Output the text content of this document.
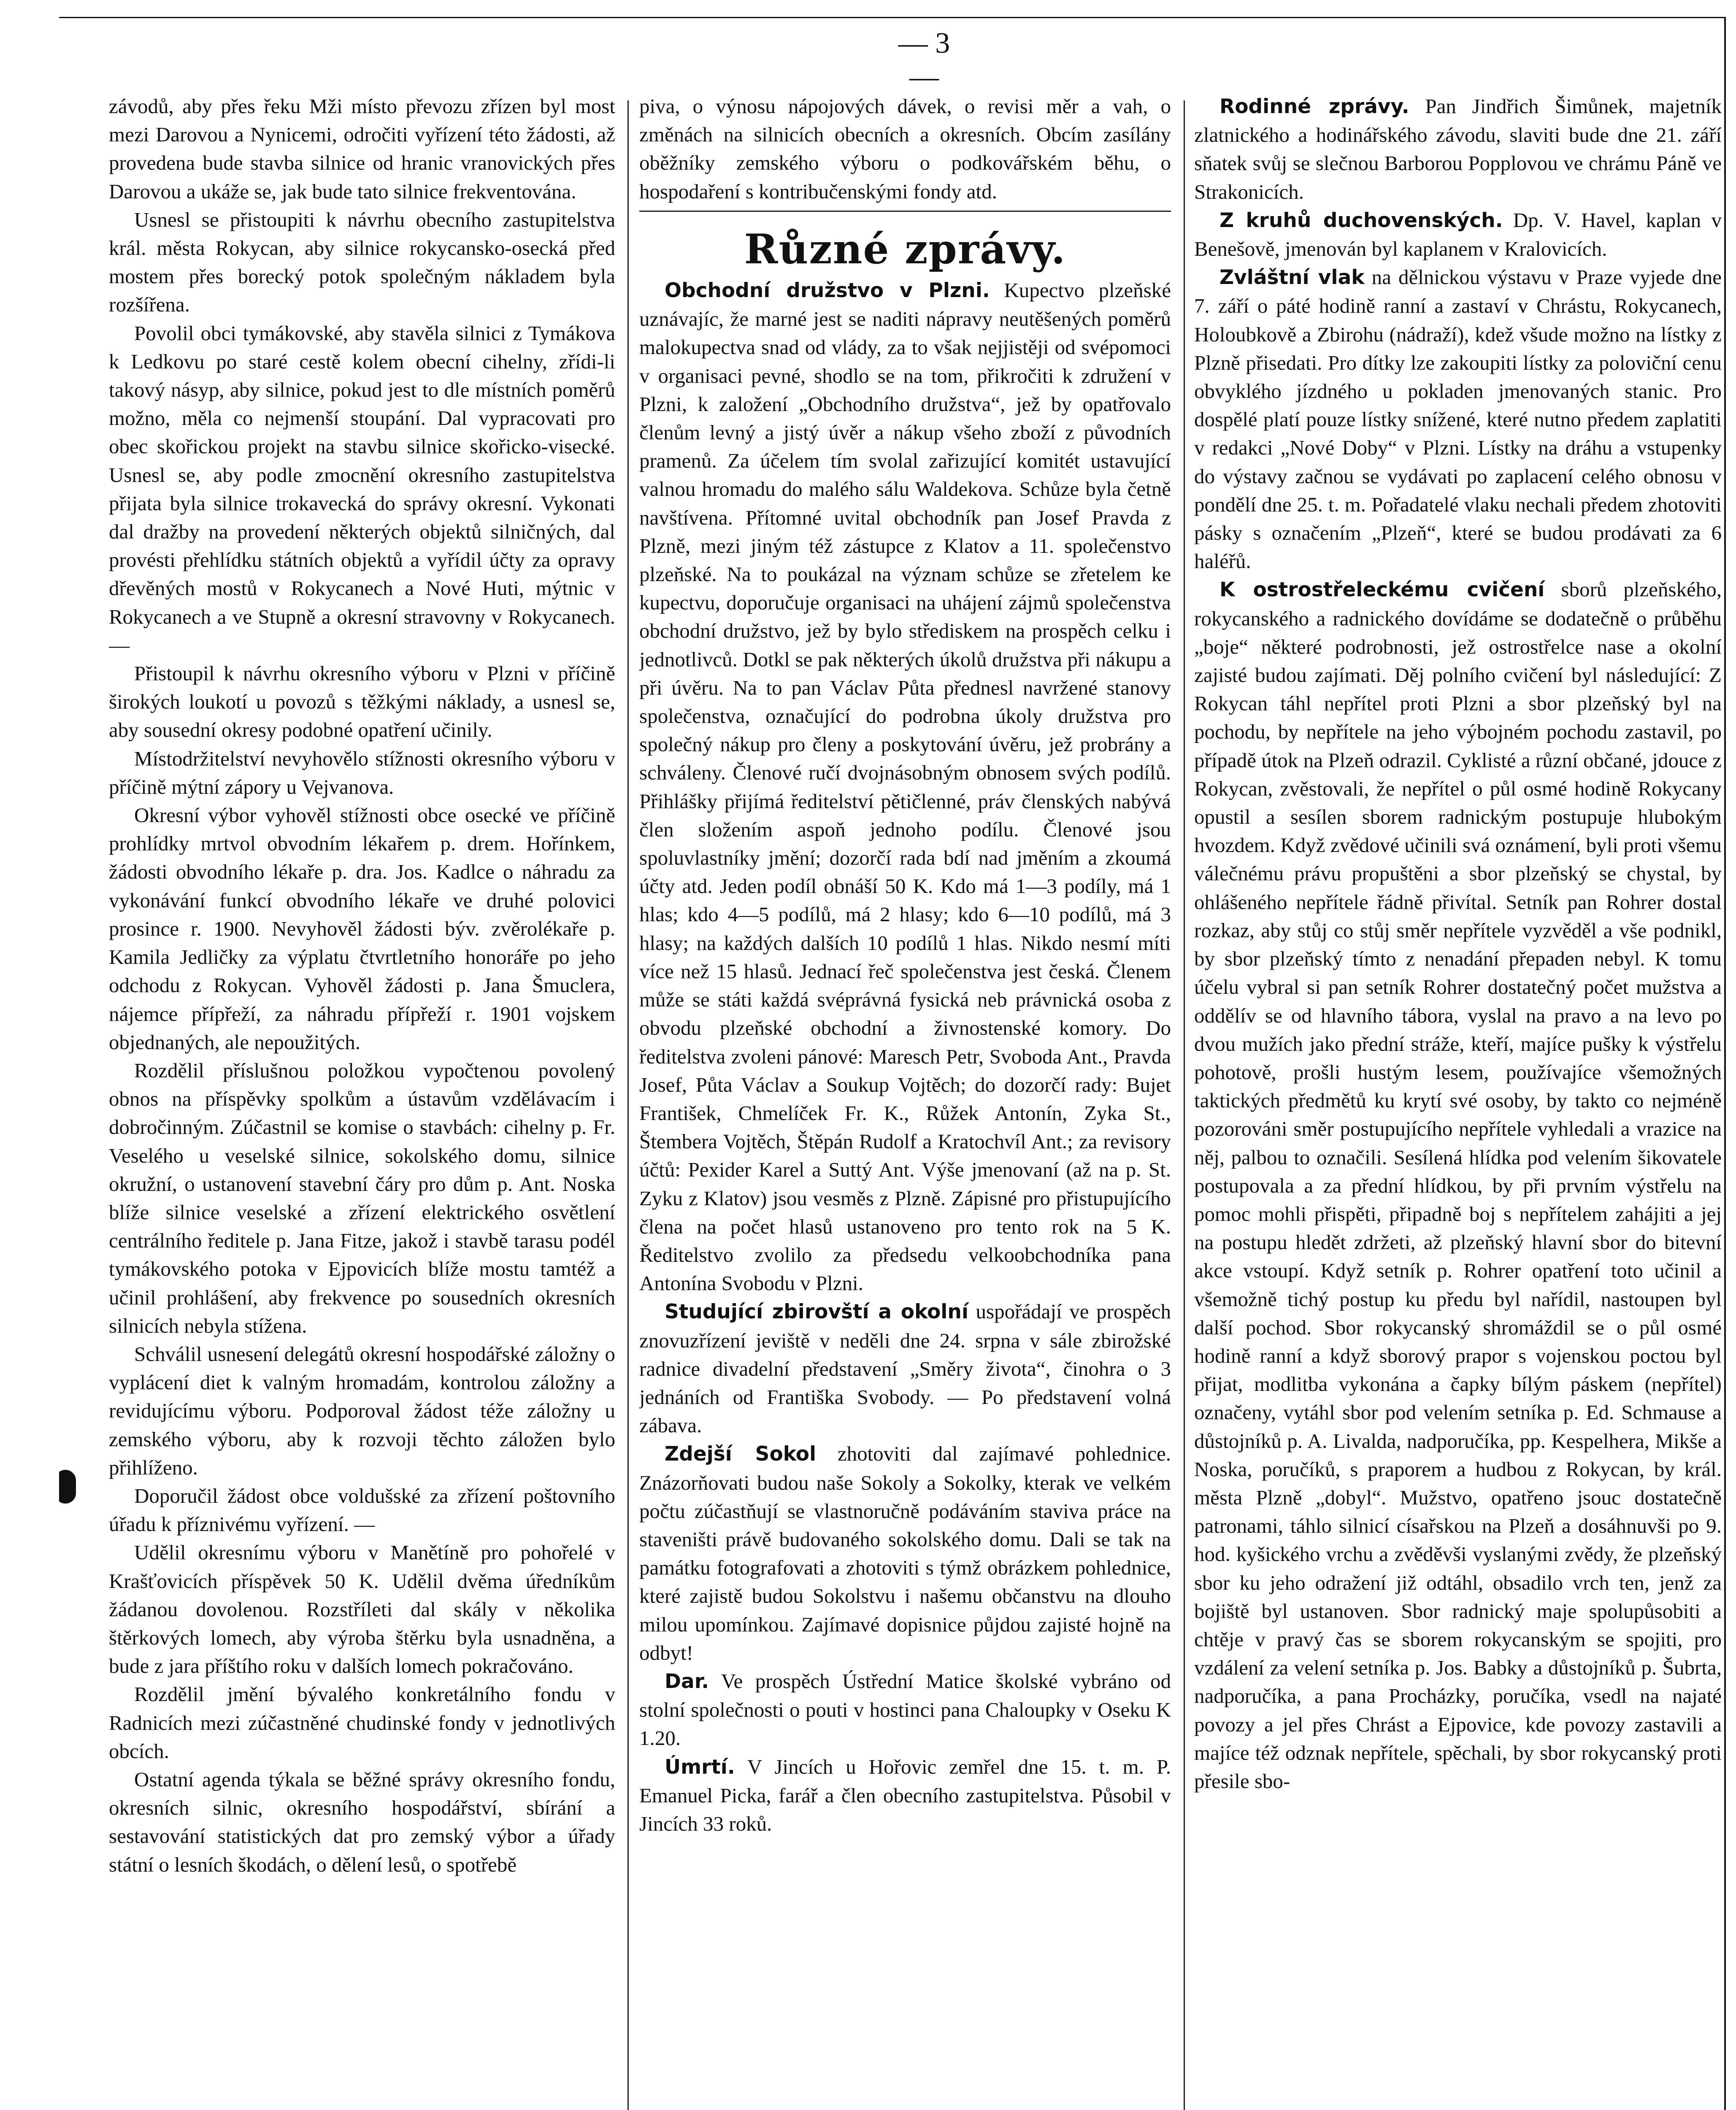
— 3 —

závodů, aby přes řeku Mži místo převozu zřízen byl most mezi Darovou a Nynicemi, odročiti vyřízení této žádosti, až provedena bude stavba silnice od hranic vranovických přes Darovou a ukáže se, jak bude tato silnice frekventována.

Usnesl se přistoupiti k návrhu obecního zastupitelstva král. města Rokycan, aby silnice rokycansko-osecká před mostem přes borecký potok společným nákladem byla rozšířena.

Povolil obci tymákovské, aby stavěla silnici z Tymákova k Ledkovu po staré cestě kolem obecní cihelny, zřídi-li takový násyp, aby silnice, pokud jest to dle místních poměrů možno, měla co nejmenší stoupání. Dal vypracovati pro obec skořickou projekt na stavbu silnice skořicko-visecké. Usnesl se, aby podle zmocnění okresního zastupitelstva přijata byla silnice trokavecká do správy okresní. Vykonati dal dražby na provedení některých objektů silničných, dal provésti přehlídku státních objektů a vyřídil účty za opravy dřevěných mostů v Rokycanech a Nové Huti, mýtnic v Rokycanech a ve Stupně a okresní stravovny v Rokycanech. —

Přistoupil k návrhu okresního výboru v Plzni v příčině širokých loukotí u povozů s těžkými náklady, a usnesl se, aby sousední okresy podobné opatření učinily.

Místodržitelství nevyhovělo stížnosti okresního výboru v příčině mýtní zápory u Vejvanova.

Okresní výbor vyhověl stížnosti obce osecké ve příčině prohlídky mrtvol obvodním lékařem p. drem. Hořínkem, žádosti obvodního lékaře p. dra. Jos. Kadlce o náhradu za vykonávání funkcí obvodního lékaře ve druhé polovici prosince r. 1900. Nevyhověl žádosti býv. zvěrolékaře p. Kamila Jedličky za výplatu čtvrtletního honoráře po jeho odchodu z Rokycan. Vyhověl žádosti p. Jana Šmuclera, nájemce přípřeží, za náhradu přípřeží r. 1901 vojskem objednaných, ale nepoužitých.

Rozdělil příslušnou položkou vypočtenou povolený obnos na příspěvky spolkům a ústavům vzdělávacím i dobročinným. Zúčastnil se komise o stavbách: cihelny p. Fr. Veselého u veselské silnice, sokolského domu, silnice okružní, o ustanovení stavební čáry pro dům p. Ant. Noska blíže silnice veselské a zřízení elektrického osvětlení centrálního ředitele p. Jana Fitze, jakož i stavbě tarasu podél tymákovského potoka v Ejpovicích blíže mostu tamtéž a učinil prohlášení, aby frekvence po sousedních okresních silnicích nebyla stížena.

Schválil usnesení delegátů okresní hospodářské záložny o vyplácení diet k valným hromadám, kontrolou záložny a revidujícímu výboru. Podporoval žádost téže záložny u zemského výboru, aby k rozvoji těchto záložen bylo přihlíženo.

Doporučil žádost obce voldušské za zřízení poštovního úřadu k příznivému vyřízení. —

Udělil okresnímu výboru v Manětíně pro pohořelé v Krašťovicích příspěvek 50 K. Udělil dvěma úředníkům žádanou dovolenou. Rozstříleti dal skály v několika štěrkových lomech, aby výroba štěrku byla usnadněna, a bude z jara příštího roku v dalších lomech pokračováno.

Rozdělil jmění bývalého konkretálního fondu v Radnicích mezi zúčastněné chudinské fondy v jednotlivých obcích.

Ostatní agenda týkala se běžné správy okresního fondu, okresních silnic, okresního hospodářství, sbírání a sestavování statistických dat pro zemský výbor a úřady státní o lesních škodách, o dělení lesů, o spotřebě

piva, o výnosu nápojových dávek, o revisi měr a vah, o změnách na silnicích obecních a okresních. Obcím zasílány oběžníky zemského výboru o podkovářském běhu, o hospodaření s kontribučenskými fondy atd.

Různé zprávy.

Obchodní družstvo v Plzni. Kupectvo plzeňské uznávajíc, že marné jest se naditi nápravy neutěšených poměrů malokupectva snad od vlády, za to však nejjistěji od svépomoci v organisaci pevné, shodlo se na tom, přikročiti k združení v Plzni, k založení „Obchodního družstva“, jež by opatřovalo členům levný a jistý úvěr a nákup všeho zboží z původních pramenů. Za účelem tím svolal zařizující komitét ustavující valnou hromadu do malého sálu Waldekova. Schůze byla četně navštívena. Přítomné uvital obchodník pan Josef Pravda z Plzně, mezi jiným též zástupce z Klatov a 11. společenstvo plzeňské. Na to poukázal na význam schůze se zřetelem ke kupectvu, doporučuje organisaci na uhájení zájmů společenstva obchodní družstvo, jež by bylo střediskem na prospěch celku i jednotlivců. Dotkl se pak některých úkolů družstva při nákupu a při úvěru. Na to pan Václav Půta přednesl navržené stanovy společenstva, označující do podrobna úkoly družstva pro společný nákup pro členy a poskytování úvěru, jež probrány a schváleny. Členové ručí dvojnásobným obnosem svých podílů. Přihlášky přijímá ředitelství pětičlenné, práv členských nabývá člen složením aspoň jednoho podílu. Členové jsou spoluvlastníky jmění; dozorčí rada bdí nad jměním a zkoumá účty atd. Jeden podíl obnáší 50 K. Kdo má 1—3 podíly, má 1 hlas; kdo 4—5 podílů, má 2 hlasy; kdo 6—10 podílů, má 3 hlasy; na každých dalších 10 podílů 1 hlas. Nikdo nesmí míti více než 15 hlasů. Jednací řeč společenstva jest česká. Členem může se státi každá svéprávná fysická neb právnická osoba z obvodu plzeňské obchodní a živnostenské komory. Do ředitelstva zvoleni pánové: Maresch Petr, Svoboda Ant., Pravda Josef, Půta Václav a Soukup Vojtěch; do dozorčí rady: Bujet František, Chmelíček Fr. K., Růžek Antonín, Zyka St., Štembera Vojtěch, Štěpán Rudolf a Kratochvíl Ant.; za revisory účtů: Pexider Karel a Suttý Ant. Výše jmenovaní (až na p. St. Zyku z Klatov) jsou vesměs z Plzně. Zápisné pro přistupujícího člena na počet hlasů ustanoveno pro tento rok na 5 K. Ředitelstvo zvolilo za předsedu velkoobchodníka pana Antonína Svobodu v Plzni.

Studující zbirovští a okolní uspořádají ve prospěch znovuzřízení jeviště v neděli dne 24. srpna v sále zbirožské radnice divadelní představení „Směry života“, činohra o 3 jednáních od Františka Svobody. — Po představení volná zábava.

Zdejší Sokol zhotoviti dal zajímavé pohlednice. Znázorňovati budou naše Sokoly a Sokolky, kterak ve velkém počtu zúčastňují se vlastnoručně podáváním staviva práce na staveništi právě budovaného sokolského domu. Dali se tak na památku fotografovati a zhotoviti s týmž obrázkem pohlednice, které zajistě budou Sokolstvu i našemu občanstvu na dlouho milou upomínkou. Zajímavé dopisnice půjdou zajisté hojně na odbyt!

Dar. Ve prospěch Ústřední Matice školské vybráno od stolní společnosti o pouti v hostinci pana Chaloupky v Oseku K 1.20.

Úmrtí. V Jincích u Hořovic zemřel dne 15. t. m. P. Emanuel Picka, farář a člen obecního zastupitelstva. Působil v Jincích 33 roků.

Rodinné zprávy. Pan Jindřich Šimůnek, majetník zlatnického a hodinářského závodu, slaviti bude dne 21. září sňatek svůj se slečnou Barborou Popplovou ve chrámu Páně ve Strakonicích.

Z kruhů duchovenských. Dp. V. Havel, kaplan v Benešově, jmenován byl kaplanem v Kralovicích.

Zvláštní vlak na dělnickou výstavu v Praze vyjede dne 7. září o páté hodině ranní a zastaví v Chrástu, Rokycanech, Holoubkově a Zbirohu (nádraží), kdež všude možno na lístky z Plzně přisedati. Pro dítky lze zakoupiti lístky za poloviční cenu obvyklého jízdného u pokladen jmenovaných stanic. Pro dospělé platí pouze lístky snížené, které nutno předem zaplatiti v redakci „Nové Doby“ v Plzni. Lístky na dráhu a vstupenky do výstavy začnou se vydávati po zaplacení celého obnosu v pondělí dne 25. t. m. Pořadatelé vlaku nechali předem zhotoviti pásky s označením „Plzeň“, které se budou prodávati za 6 haléřů.

K ostrostřeleckému cvičení sborů plzeňského, rokycanského a radnického dovídáme se dodatečně o průběhu „boje“ některé podrobnosti, jež ostrostřelce nase a okolní zajisté budou zajímati. Děj polního cvičení byl následující: Z Rokycan táhl nepřítel proti Plzni a sbor plzeňský byl na pochodu, by nepřítele na jeho výbojném pochodu zastavil, po případě útok na Plzeň odrazil. Cyklisté a různí občané, jdouce z Rokycan, zvěstovali, že nepřítel o půl osmé hodině Rokycany opustil a sesílen sborem radnickým postupuje hlubokým hvozdem. Když zvědové učinili svá oznámení, byli proti všemu válečnému právu propuštěni a sbor plzeňský se chystal, by ohlášeného nepřítele řádně přivítal. Setník pan Rohrer dostal rozkaz, aby stůj co stůj směr nepřítele vyzvěděl a vše podnikl, by sbor plzeňský tímto z nenadání přepaden nebyl. K tomu účelu vybral si pan setník Rohrer dostatečný počet mužstva a oddělív se od hlavního tábora, vyslal na pravo a na levo po dvou mužích jako přední stráže, kteří, majíce pušky k výstřelu pohotově, prošli hustým lesem, používajíce všemožných taktických předmětů ku krytí své osoby, by takto co nejméně pozorováni směr postupujícího nepřítele vyhledali a vrazice na něj, palbou to označili. Sesílená hlídka pod velením šikovatele postupovala a za přední hlídkou, by při prvním výstřelu na pomoc mohli přispěti, připadně boj s nepřítelem zahájiti a jej na postupu hledět zdržeti, až plzeňský hlavní sbor do bitevní akce vstoupí. Když setník p. Rohrer opatření toto učinil a všemožně tichý postup ku předu byl nařídil, nastoupen byl další pochod. Sbor rokycanský shromáždil se o půl osmé hodině ranní a když sborový prapor s vojenskou poctou byl přijat, modlitba vykonána a čapky bílým páskem (nepřítel) označeny, vytáhl sbor pod velením setníka p. Ed. Schmause a důstojníků p. A. Livalda, nadporučíka, pp. Kespelhera, Mikše a Noska, poručíků, s praporem a hudbou z Rokycan, by král. města Plzně „dobyl“. Mužstvo, opatřeno jsouc dostatečně patronami, táhlo silnicí císařskou na Plzeň a dosáhnuvši po 9. hod. kyšického vrchu a zvěděvši vyslanými zvědy, že plzeňský sbor ku jeho odražení již odtáhl, obsadilo vrch ten, jenž za bojiště byl ustanoven. Sbor radnický maje spolupůsobiti a chtěje v pravý čas se sborem rokycanským se spojiti, pro vzdálení za velení setníka p. Jos. Babky a důstojníků p. Šubrta, nadporučíka, a pana Procházky, poručíka, vsedl na najaté povozy a jel přes Chrást a Ejpovice, kde povozy zastavili a majíce též odznak nepřítele, spěchali, by sbor rokycanský proti přesile sbo-
